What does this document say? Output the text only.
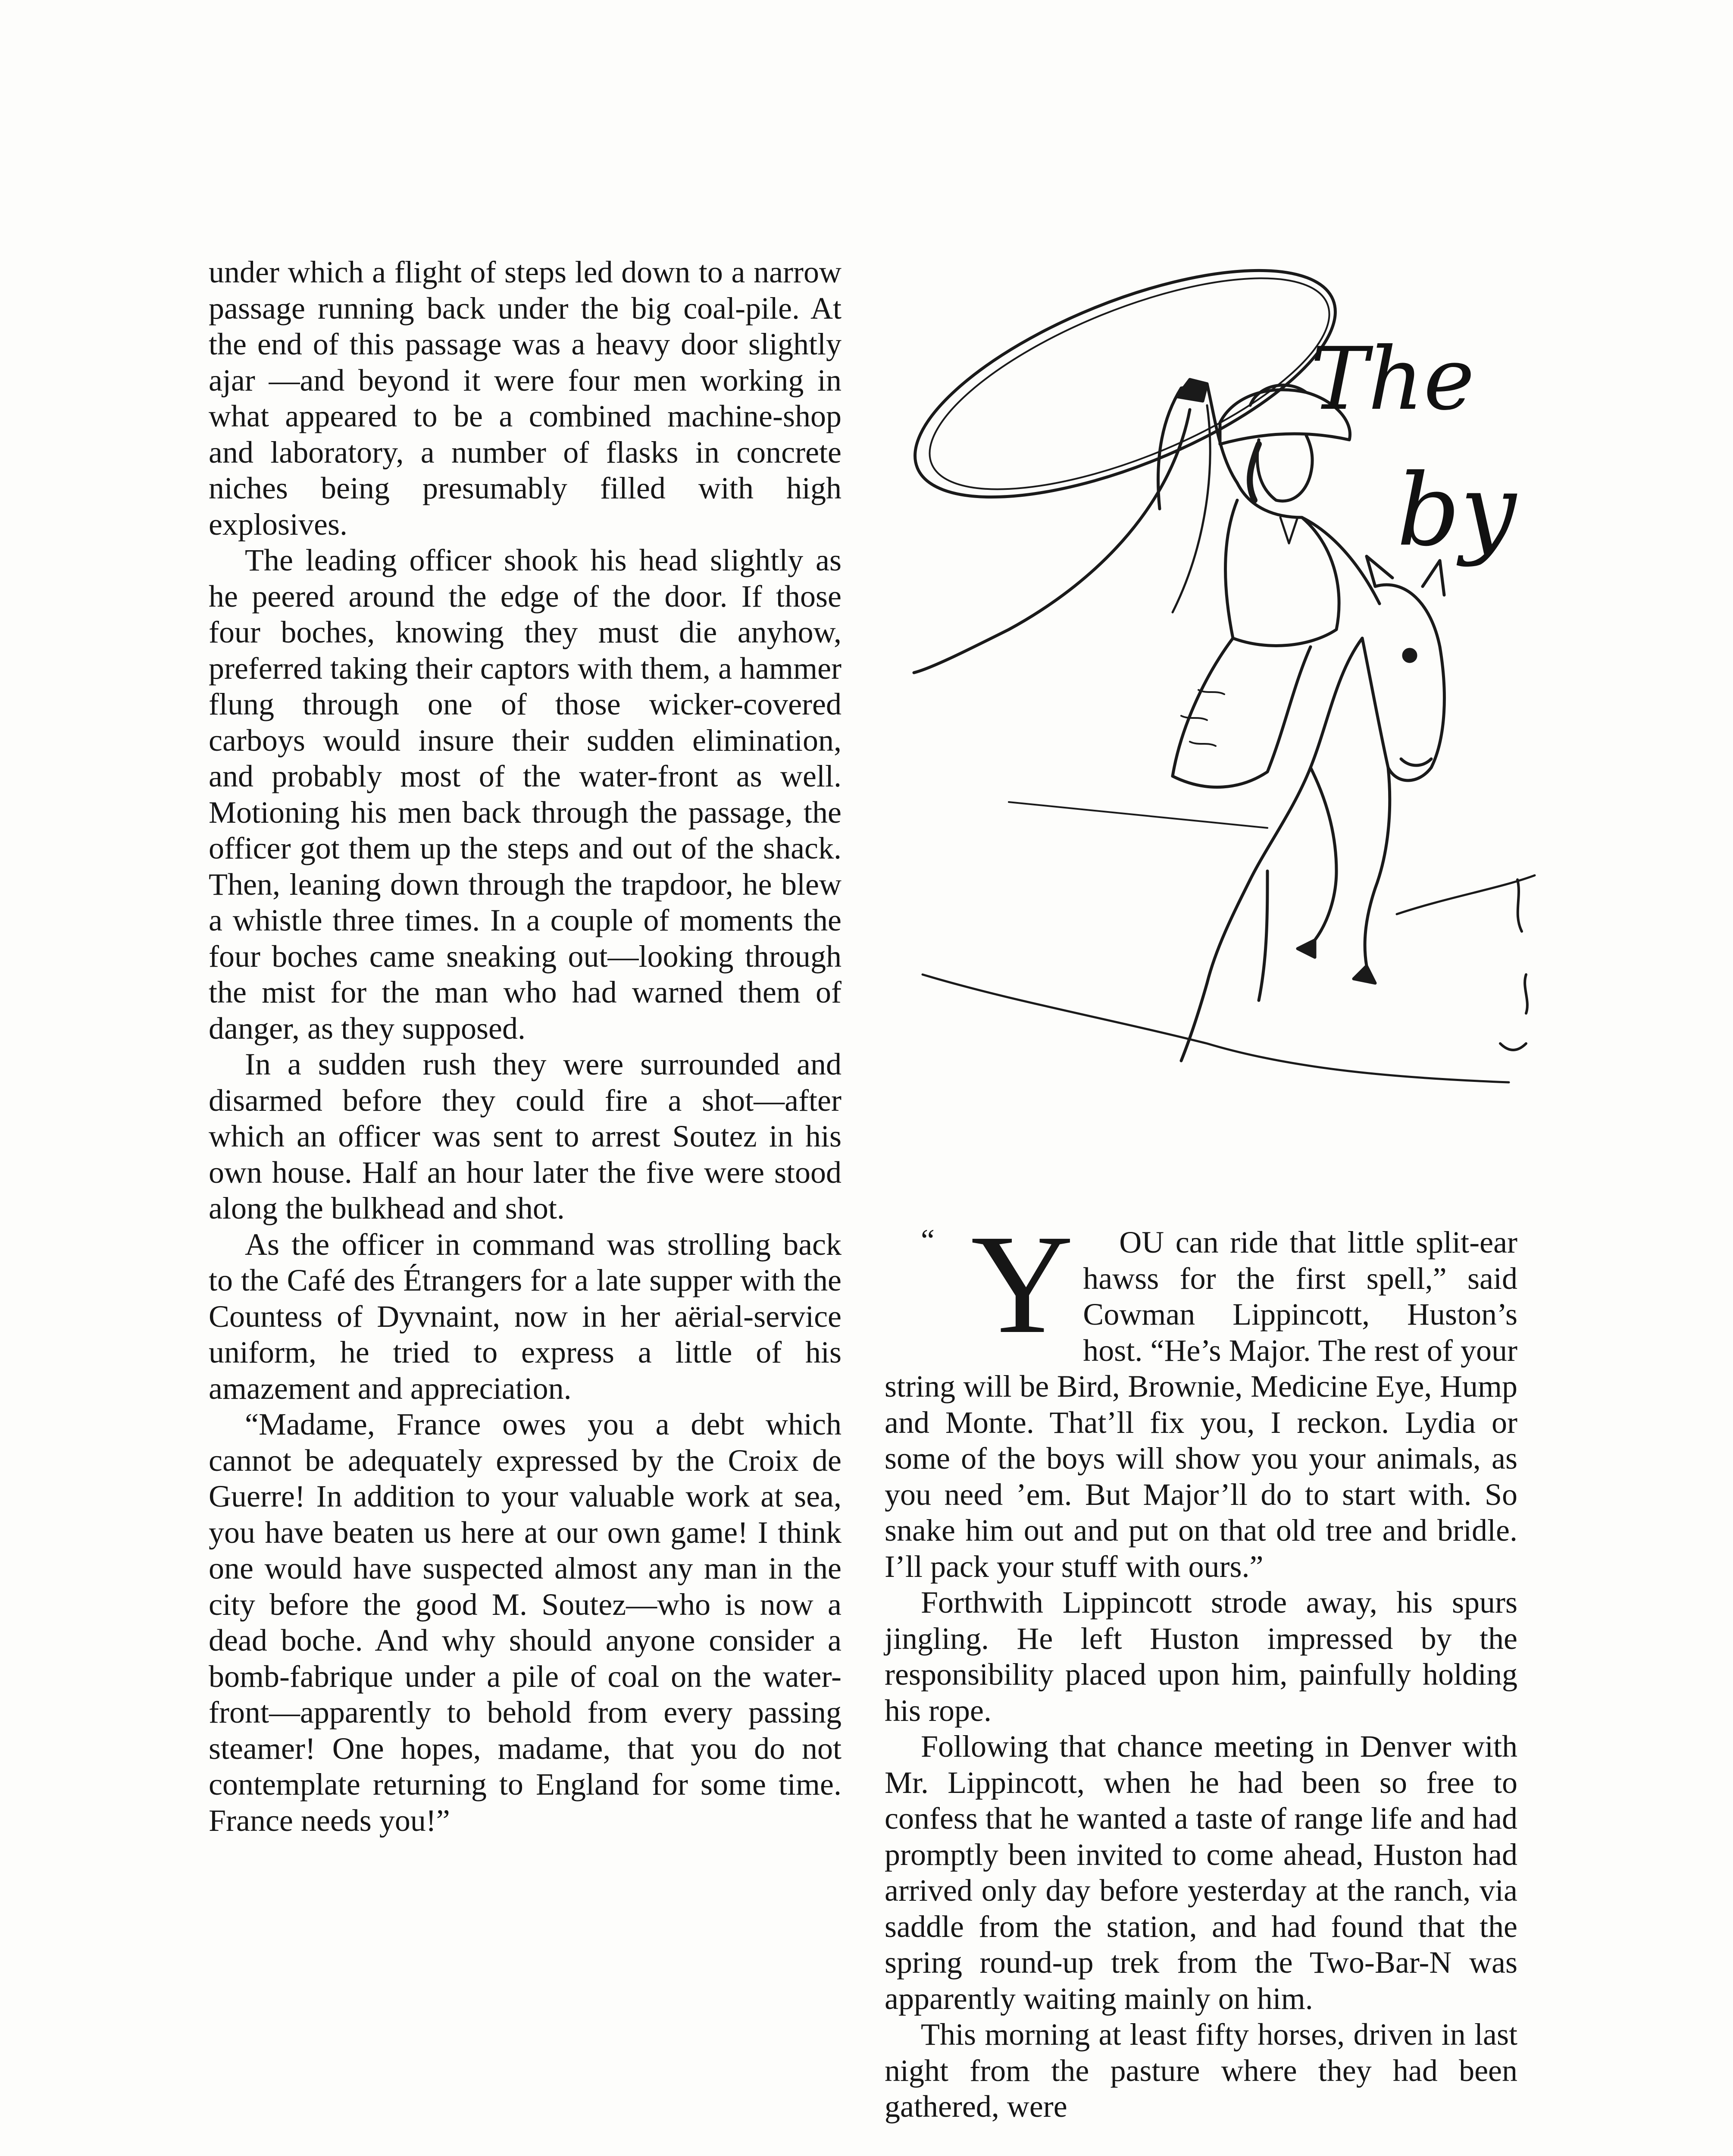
under which a flight of steps led down to a narrow passage running back under the big coal-pile. At the end of this passage was a heavy door slightly ajar —and beyond it were four men working in what appeared to be a combined machine-shop and laboratory, a number of flasks in concrete niches being presumably filled with high explosives.

The leading officer shook his head slightly as he peered around the edge of the door. If those four boches, knowing they must die anyhow, preferred taking their captors with them, a hammer flung through one of those wicker-covered carboys would insure their sudden elimination, and probably most of the water-front as well. Motioning his men back through the passage, the officer got them up the steps and out of the shack. Then, leaning down through the trapdoor, he blew a whistle three times. In a couple of moments the four boches came sneaking out—looking through the mist for the man who had warned them of danger, as they supposed.

In a sudden rush they were surrounded and disarmed before they could fire a shot—after which an officer was sent to arrest Soutez in his own house. Half an hour later the five were stood along the bulkhead and shot.

As the officer in command was strolling back to the Café des Étrangers for a late supper with the Countess of Dyvnaint, now in her aërial-service uniform, he tried to express a little of his amazement and appreciation.

“Madame, France owes you a debt which cannot be adequately expressed by the Croix de Guerre! In addition to your valuable work at sea, you have beaten us here at our own game! I think one would have suspected almost any man in the city before the good M. Soutez—who is now a dead boche. And why should anyone consider a bomb-fabrique under a pile of coal on the water-front—apparently to behold from every passing steamer! One hopes, madame, that you do not contemplate returning to England for some time. France needs you!”

The
by

“ Y OU can ride that little split-ear hawss for the first spell,” said Cowman Lippincott, Huston’s host. “He’s Major. The rest of your string will be Bird, Brownie, Medicine Eye, Hump and Monte. That’ll fix you, I reckon. Lydia or some of the boys will show you your animals, as you need ’em. But Major’ll do to start with. So snake him out and put on that old tree and bridle. I’ll pack your stuff with ours.”

Forthwith Lippincott strode away, his spurs jingling. He left Huston impressed by the responsibility placed upon him, painfully holding his rope.

Following that chance meeting in Denver with Mr. Lippincott, when he had been so free to confess that he wanted a taste of range life and had promptly been invited to come ahead, Huston had arrived only day before yesterday at the ranch, via saddle from the station, and had found that the spring round-up trek from the Two-Bar-N was apparently waiting mainly on him.

This morning at least fifty horses, driven in last night from the pasture where they had been gathered, were
